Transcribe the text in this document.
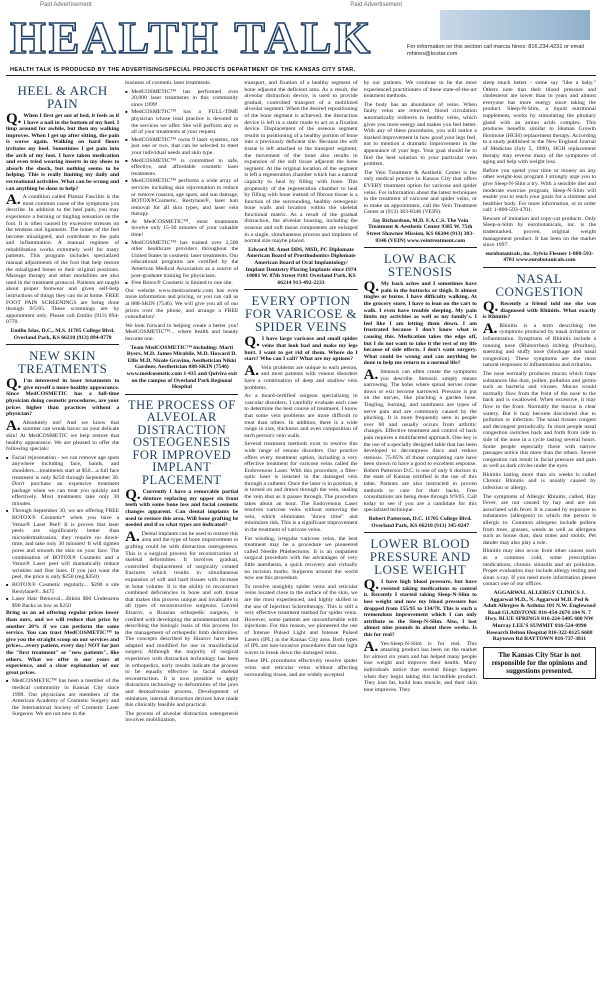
Paid Advertisement	Paid Advertisement
HEALTH TALK	For information on this section call marcia hines: 816.234.4231 or email mhines@kcstar.com
HEALTH TALK IS PRODUCED BY THE ADVERTISING/SPECIAL PROJECTS DEPARTMENT OF THE KANSAS CITY STAR.
HEEL & ARCH PAIN

Q. When I first get out of bed, it feels as if I have a nail in the bottom of my heel. I limp around for awhile, but then my walking improves. When I get up after sitting, the pain is worse again. Walking on hard floors irritates my heel. Sometimes I get pain into the arch of my foot. I have taken medication and even tried wearing inserts in my shoes to absorb the shock, but nothing seems to be helping. This is really limiting my daily and recreational activities. What can be wrong and can anything be done to help?

A. A condition called Plantar Fasciitis is the most common cause of the symptoms you describe. In addition to the heel pain, you may experience a burning or tingling sensation on the foot. It is often caused by excessive stresses on the tendons and ligaments. The bones of the feet become misaligned, and contribute to the pain and inflammation. A manual regimen of rehabilitation works extremely well for many patients. This program includes specialized manual adjustments of the foot that help restore the misaligned bones to their original positions. Massage therapy and other modalities are also used in the treatment protocol. Patients are taught about proper footwear and given self-help instructions of things they can do at home. FREE FOOT PAIN SCREENINGS are being done through 9/5/05. These screenings are by appointment only. Please call Emilio (913) 894-0770.

Emilio Islas, D.C., M.S. 11705 College Blvd. Overland Park, KS 66210 (913) 894-0770
NEW SKIN TREATMENTS

Q. I'm interested in laser treatments to give myself a more healthy appearance. Since MedCOSMETIC has a full-time physician doing cosmetic procedures, are your prices higher than practices without a physician?

A. Absolutely not! And we know that summer can wreak havoc on your delicate skin! At MedCOSMETIC we help restore that healthy appearance. We are pleased to offer the following specials:

■ Facial rejuvenation - we can remove age spots anywhere including face, hands, and shoulders....treatments start at $50....a full face treatment is only $250 through September 30. Don't purchase an expensive treatment package when we can treat you quickly and effectively. Most treatments take only 30 minutes.
■ Through September 30, we are offering FREE BOTOX® Cosmetic* when you have a Venus® Laser Peel! It is proven that laser peels are significantly better than microdermabrasion, they require no down-time, and take only 30 minutes! It will tighten pores and smooth the skin on your face. The combination of BOTOX® Cosmetic and a Venus® Laser peel will dramatically reduce wrinkles and fine lines. If you just want the peel, the price is only $250 (reg.$350)
■ BOTOX® Cosmetic regularly... $200 a site Restylane®...$475
■ Laser Hair Removal....Bikini $90 Underarms $90 Backs as low as $250

Bring us an ad offering regular prices lower than ours, and we will reduce that price by another 20% if we can perform the same service. You can trust MedCOSMETIC™ to give you the straight scoop on our services and prices....every patient, every day! NOT for just the "first treatment" or "new patients", like others. What we offer is our years of experience, and a clear explanation of our great prices.

■ MedCOSMETIC™ has been a member of the medical community in Kansas City since 1999. Our physicians are members of the American Academy of Cosmetic Surgery and the International Society of Cosmetic Laser Surgeons. We are not new to the

business of cosmetic laser treatments.

■ MedCOSMETIC™ has performed over 20,000 laser treatments in this community since 1999!
■ MedCOSMETIC™ has a FULL-TIME physician whose total practice is devoted to the services we offer. She will perform any or all of your treatments at your request.
■ MedCOSMETIC™ owns 9 laser systems, not just one or two, that can be selected to meet your individual needs and skin type.
■ MedCOSMETIC™ is committed to safe, effective, and affordable cosmetic laser treatments.
■ MedCOSMETIC™ performs a wide array of services including skin rejuvenation to reduce or remove rosacea, age spots, and sun damage, BOTOX®Cosmetic, Restylane®, laser hair removal for all skin types, and laser vein therapy.
■ At MedCOSMETIC™, most treatments involve only 15-30 minutes of your valuable time!
■ MedCOSMETIC™ has trained over 2,500 other healthcare providers throughout the United States in cosmetic laser treatments. Our educational programs are certified by the American Medical Association as a source of post-graduate training for physicians.
■ Free Botox® Cosmetic is limited to one site.

Our website www.medcosmetic.com has even more information and pricing, or you can call us at 888-SKIN (7546). We will give you all of our prices over the phone, and arrange a FREE consultation!

We look forward to helping create a better you! MedCOSMETIC™... where health and beauty become one.

Team MedCOSMETIC™ including: Marti Byers, M.D. James Mirabile, M.D. Howard D. Ellis M.D. Nicole Gravino, Aesthetician Nikki Gardner, Aesthetician 888-SKIN (7546) www.medcosmetic.com 1-435 and Quivira exit on the campus of Overland Park Regional Hospital
THE PROCESS OF ALVEOLAR DISTRACTION OSTEOGENESIS FOR IMPROVED IMPLANT PLACEMENT

Q. Currently I have a removable partial denture replacing my upper six front teeth with some bone loss and facial cosmetic changes apparent. Can dental implants be used to restore this area. Will bone grafting be needed and if so what types are indicated?

A. Dental implants can be used to restore this area and the type of bone improvement or grafting could be with distraction osteogenesis. This is a surgical process for reconstruction of skeletal deformities. It involves gradual, controlled displacement of surgically created fractures which results in simultaneous expansion of soft and hard tissues with increase in bone volume. It is the ability to reconstruct combined deficiencies in bone and soft tissue that makes this process unique and invaluable to all types of reconstructive surgeons. Gavriel Ilizarov, a Russian orthopedic surgeon, is credited with developing the armamentarium and describing the biologic basis of this process for the management of orthopedic limb deformities. The concepts described by Ilizarov have been adapted and modified for use in maxillofacial surgery. Although the majority of surgical experience with distraction technology has been in orthopedics, early results indicate the process to be equally effective in facial skeletal reconstruction. It is now possible to apply distraction technology to deformities of the jaws and dentoalveolar process. Development of miniature, internal distraction devices have made this clinically feasible and practical.

The process of alveolar distraction osteogenesis involves mobilization,

transport, and fixation of a healthy segment of bone adjacent the deficient area. As a result, the alveolar distraction device, is used to provide gradual, controlled transport of a mobilized alveolar segment. When the desired repositioning of the bone segment is achieved, the distraction device is left in a static mode to act as a fixation device. Displacement of the osseous segment results in positioning of a healthy portion of bone into a previously deficient site. Because the soft tissue is left attached to the transport segment, the movement of the bone also results in expansion of the soft tissue adjacent the bone segment. At the original location of the segment is left a regeneration chamber which has a natural capacity to heal by filling with bone. This propensity of the regeneration chamber to heal by filling with bone instead of fibrous tissue is a function of the surrounding, healthy osteogenic bone walls and location within the skeletal functional matrix. As a result of the gradual distraction, the alveolar housing, including the osseous and soft tissue components are enlarged in a single, simultaneous process and implants of normal size maybe placed.

Edward M. Amet DDS, MSD, PC Diplomate American Board of Prosthodontics Diplomate American Board of Oral Implantology/ Implant Dentistry Placing Implants since 1974 10801 W. 87th Street #101 Overland Park, KS 66214 913-492-2233
EVERY OPTION FOR VARICOSE & SPIDER VEINS

Q. I have large varicose and small spider veins that look bad and make my legs hurt. I want to get rid of them. Where do I start? Who can I call? What are my options?

A. Vein problems are unique to each person, and most patients with venous disorders have a combination of deep and shallow vein problems.

As a board-certified surgeon specializing in vascular disorders, I carefully evaluate each case to determine the best course of treatment. I know that some vein problems are more difficult to treat than others. In addition, there is a wide range in size, thickness and even composition of each person's vein walls.

Several treatment methods exist to resolve this wide range of venous disorders. Our practice offers every treatment option, including a very effective treatment for varicose veins called the Endovenous Laser. With this procedure, a fiber-optic laser is inserted in the damaged vein through a catheter. Once the laser is in position, it is turned on and drawn through the vein, sealing the vein shut as it passes through. The procedure takes about an hour. The Endovenous Laser resolves varicose veins without removing the vein, which eliminates "down time" and minimizes risk. This is a significant improvement in the treatment of varicose veins.

For winding, irregular varicose veins, the best treatment may be a procedure we pioneered called Needle Phlebectomy. It is an outpatient surgical procedure with the advantages of very little anesthesia, a quick recovery and virtually no incision marks. Surgeons around the world now use this procedure.

To resolve unsightly spider veins and reticular veins located close to the surface of the skin, we are the most experienced, and highly skilled in the use of Injection Sclerotherapy. This is still a very effective treatment method for spider veins. However, some patients are uncomfortable with injections. For this reason, we pioneered the use of Intense Pulsed Light and Intense Pulsed Lasers (IPL) in the Kansas City area. Both types of IPL are non-invasive procedures that use light waves to break down the damaged veins.

These IPL procedures effectively resolve spider veins and reticular veins without affecting surrounding tissue, and are widely accepted

by our patients. We continue to be the most experienced practitioners of these state-of-the-art treatment methods.

The body has an abundance of veins. When faulty veins are removed, blood circulation automatically redirects to healthy veins, which gives you more energy and makes you feel better. With any of these procedures, you will notice a marked improvement in how good your legs feel, not to mention a dramatic improvement in the appearance of your legs. Your goal should be to find the best solution to your particular vein problem.

The Vein Treatment & Aesthetic Center is the only medical practice in Kansas City that offers EVERY treatment option for varicose and spider veins. For information about the latest techniques in the treatment of varicose and spider veins, or to make an appointment, call the Vein Treatment Center at (913) 383-8346 (VEIN).

Jay Richardson, M.D. F.A.C.S. The Vein Treatment & Aesthetic Center 9385 W. 75th Street Shawnee Mission, KS 66204 (913) 383-8346 (VEIN) www.veintreatment.com
LOW BACK STENOSIS

Q. My back aches and I sometimes have pain in the buttocks or thigh. It almost tingles or burns. I have difficulty walking. At the grocery store, I have to lean on the cart to walk. I even have trouble sleeping. My pain limits my activities as well as my family's. I feel like I am letting them down. I am frustrated because I don't know what is causing this. Medication takes the edge off, but I do not want to take it the rest of my life because of side effects. I don't want surgery. What could be wrong and can anything be done to help me return to a normal life?

A. Stenosis can often create the symptoms you describe. Stenosis simply means narrowing. The holes where spinal nerves come down or exit become narrowed. Pressure is put on the nerves, like pinching a garden hose. Tingling, burning, and numbness are types of nerve pain and are commonly caused by the pinching. It is more frequently seen in people over 60 and usually occurs from arthritic changes. Effective treatment and control of back pain requires a multifaceted approach. One key is the use of a specially designed table that has been developed to decompress discs and reduce stenosis. 75-85% of those completing care have been shown to have a good to excellent response. Robert Patterson D.C. is one of only 6 doctors in the state of Kansas certified in the use of this table. Patients are also instructed in proven methods to care for their backs. Free consultations are being done through 9/9/05. Call today to see if you are a candidate for this specialized technique.

Robert Patterson, D.C. 11705 College Blvd. Overland Park, KS 66210 (913) 345-0247
LOWER BLOOD PRESSURE AND LOSE WEIGHT

Q. I have high blood pressure, but have resisted taking medications to control it. Recently I started taking Sleep-N-Slim to lose weight and now my blood pressure has dropped from 155/95 to 134/78. This is such a tremendous improvement which I can only attribute to the Sleep-N-Slim. Also, I lost almost nine pounds in about three weeks. Is this for real?

A. Yes-Sleep-N-Slim is for real. This amazing product has been on the market for almost six years and has helped many people lose weight and improve their health. Many individuals notice that several things happen when they begin taking this incredible product. They lose fat, build lean muscle, and their skin tone improves. They

sleep much better - some say "like a baby." Others note that their blood pressure and cholesterol are lower than in years and almost everyone has more energy since taking the product. Sleep-N-Slim, a liquid nutritional supplement, works by stimulating the pituitary gland with an amino acids complex. This produces benefits similar to Human Growth Hormone (HGH) replacement therapy. According to a study published in the New England Journal of Medicine (July 5, 1990), HGH replacement therapy may reverse many of the symptoms of aging and help with weight loss.

Before you spend your time or money on any other weight-loss program I strongly urge you to give Sleep-N-Slim a try. With a sensible diet and moderate exercise program, Sleep-N-Slim will enable you to reach your goals for a slimmer and healthier body. For more information, or to order call: 1-800-593-4701.

Beware of imitation and copy-cat products. Only Sleep-n-Slim by eurobotanicals, inc. is the trademarked, proven, original weight management product. It has been on the market since 1997.

eurobotanicals, inc. Sylvia Flesner 1-800-593-4701 www.eurobotanicals.com
NASAL CONGESTION

Q. Recently a friend told me she was diagnosed with Rhinitis. What exactly is Rhinitis?

A. Rhinitis is a term describing the symptoms produced by nasal irritation or inflammation. Symptoms of Rhinitis include a running nose (Rhinorrhea) itching (Pruritus), sneezing and stuffy nose (blockage and nasal congestion). These symptoms are the most natural responses to inflammation and irritation.

The nose normally produces mucus which traps substances like dust, pollen, pollution and germs such as bacteria and viruses. Mucus would normally flow from the front of the nose to the back and is swallowed. When excessive, it may flow to the front. Normally the mucus is clear watery. But it may become discolored due to pollution or infection. The nasal tissues congest and decongest periodically. In most people nasal congestion switches back and forth from side to side of the nose in a cycle lasting several hours. Some people especially those with narrow passages notice this more than the others. Severe congestion can result in facial pressure and pain as well as dark circles under the eyes.

Rhinitis lasting more than six weeks is called Chronic Rhinitis and is usually caused by infection or allergy.

The symptoms of Allergic Rhinitis, called, Hay Fever, are not caused by hay and are not associated with fever. It is caused by exposure to substances (allergens) to which the person is allergic to. Common allergens include pollens from trees, grasses, weeds as well as allergens such as house dust, dust mites and molds. Pet dander may also play a role.

Rhinitis may also occur from other causes such as a common cold, some prescription medications, chronic sinusitis and air pollution. Proper evaluation may include allergy testing and sinus x-ray. If you need more information please contact one of our offices.

AGGARWAL ALLERGY CLINICS J. Aggarwal M.D., N. Aggarwal M.D. Ped & Adult Allergies & Asthma 101 N.W. Englewood Road GLADSTONE 816-454-2676 104 N. 7 Hwy. BLUE SPRINGS 816-224-5405 600 NW Murray LEE'S SUMMIT 816-524-0990 Research Belton Hospital 816-322-0125 6608 Raytown Rd RAYTOWN 816-737-3811
The Kansas City Star is not responsible for the opinions and suggestions presented.
